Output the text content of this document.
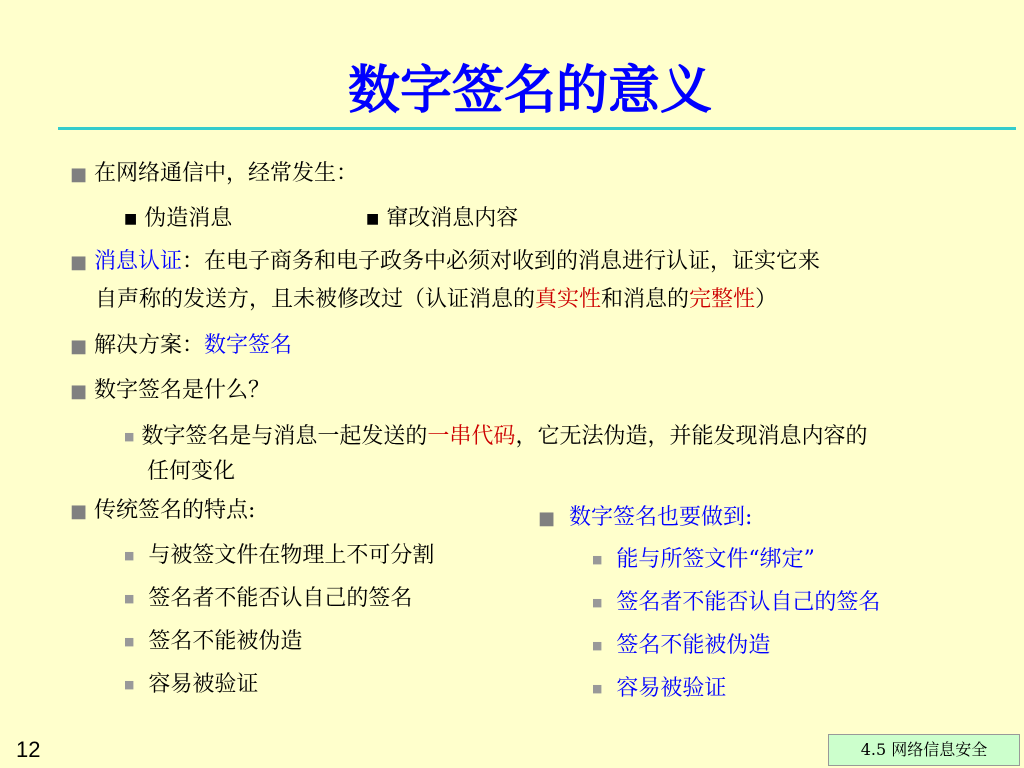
数字签名的意义
■ 在网络通信中，经常发生：
■ 伪造消息	■ 窜改消息内容
■ 消息认证：在电子商务和电子政务中必须对收到的消息进行认证，证实它来
自声称的发送方，且未被修改过（认证消息的真实性和消息的完整性）
■ 解决方案：数字签名
■ 数字签名是什么？
■ 数字签名是与消息一起发送的一串代码，它无法伪造，并能发现消息内容的
任何变化
■ 传统签名的特点:
■ 与被签文件在物理上不可分割
■ 签名者不能否认自己的签名
■ 签名不能被伪造
■ 容易被验证
■ 数字签名也要做到:
■ 能与所签文件“绑定”
■ 签名者不能否认自己的签名
■ 签名不能被伪造
■ 容易被验证
12	4.5 网络信息安全
